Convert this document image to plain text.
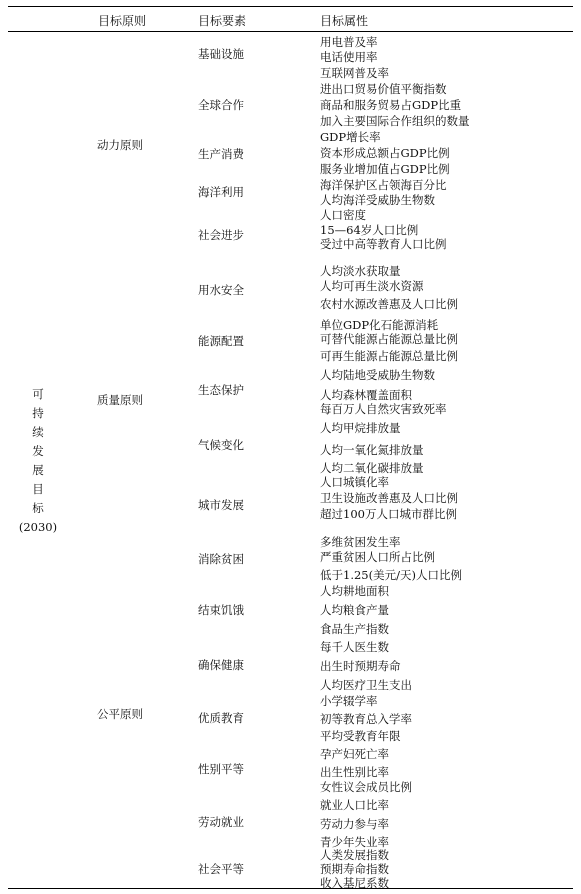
目标原则	目标要素	目标属性
可
持
续
发
展
目
标
(2030)
动力原则
质量原则
公平原则
基础设施
全球合作
生产消费
海洋利用
社会进步
用水安全
能源配置
生态保护
气候变化
城市发展
消除贫困
结束饥饿
确保健康
优质教育
性别平等
劳动就业
社会平等
用电普及率
电话使用率
互联网普及率
进出口贸易价值平衡指数
商品和服务贸易占GDP比重
加入主要国际合作组织的数量
GDP增长率
资本形成总额占GDP比例
服务业增加值占GDP比例
海洋保护区占领海百分比
人均海洋受威胁生物数
人口密度
15—64岁人口比例
受过中高等教育人口比例
人均淡水获取量
人均可再生淡水资源
农村水源改善惠及人口比例
单位GDP化石能源消耗
可替代能源占能源总量比例
可再生能源占能源总量比例
人均陆地受威胁生物数
人均森林覆盖面积
每百万人自然灾害致死率
人均甲烷排放量
人均一氧化氮排放量
人均二氧化碳排放量
人口城镇化率
卫生设施改善惠及人口比例
超过100万人口城市群比例
多维贫困发生率
严重贫困人口所占比例
低于1.25(美元/天)人口比例
人均耕地面积
人均粮食产量
食品生产指数
每千人医生数
出生时预期寿命
人均医疗卫生支出
小学辍学率
初等教育总入学率
平均受教育年限
孕产妇死亡率
出生性别比率
女性议会成员比例
就业人口比率
劳动力参与率
青少年失业率
人类发展指数
预期寿命指数
收入基尼系数
